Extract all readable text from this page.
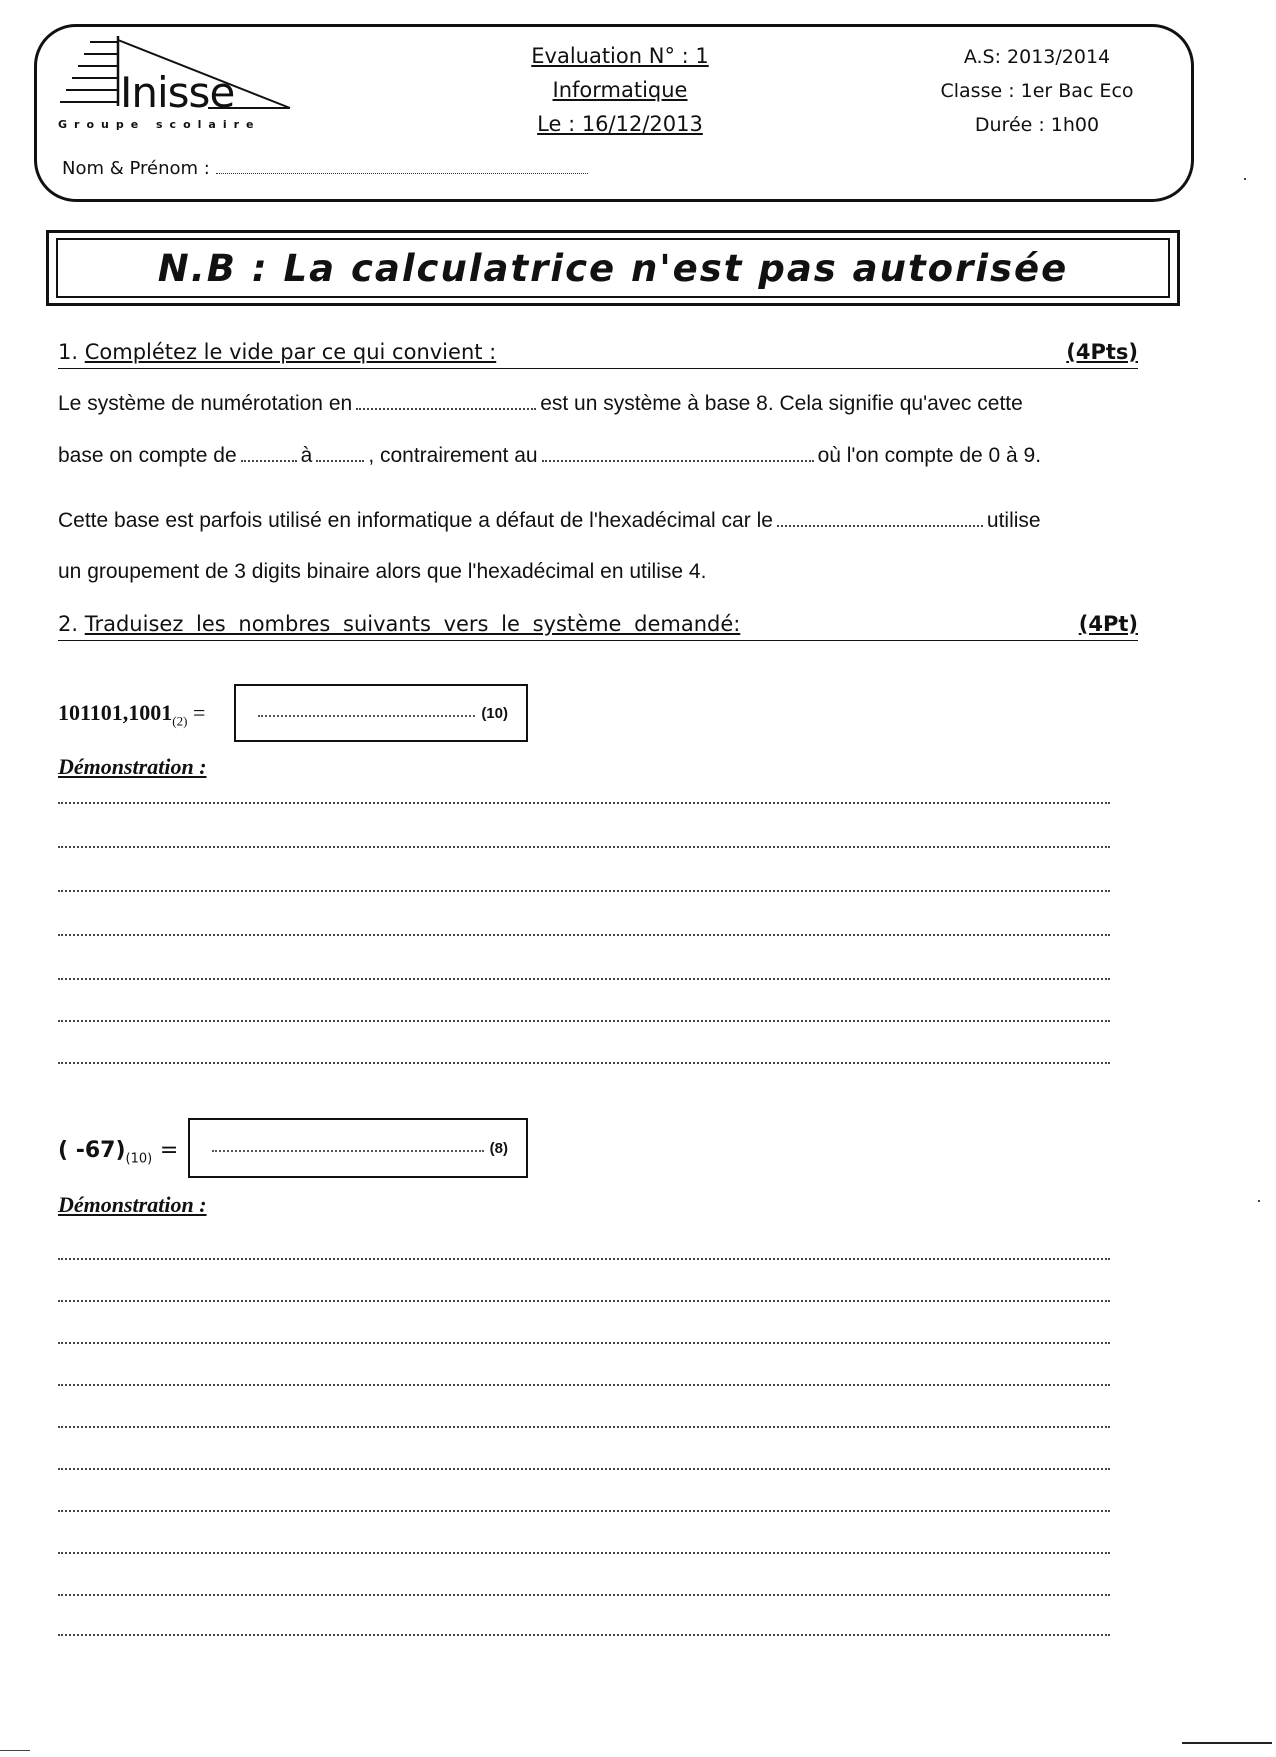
Inisse
Groupe scolaire
Evaluation N° : 1
Informatique
Le : 16/12/2013
A.S: 2013/2014
Classe : 1er Bac Eco
Durée : 1h00
Nom & Prénom :
N.B : La calculatrice n'est pas autorisée
1. Complétez le vide par ce qui convient :	(4Pts)
Le système de numérotation en	est un système à base 8. Cela signifie qu'avec cette
base on compte de	à	, contrairement au	où l'on compte de 0 à 9.
Cette base est parfois utilisé en informatique a défaut de l'hexadécimal car le	utilise
un groupement de 3 digits binaire alors que l'hexadécimal en utilise 4.
2. Traduisez les nombres suivants vers le système demandé:	(4Pt)
$101101,1001_{(2)}$ =	(10)
Démonstration :
( $-67)_{(10)}$ =	(8)
Démonstration :
